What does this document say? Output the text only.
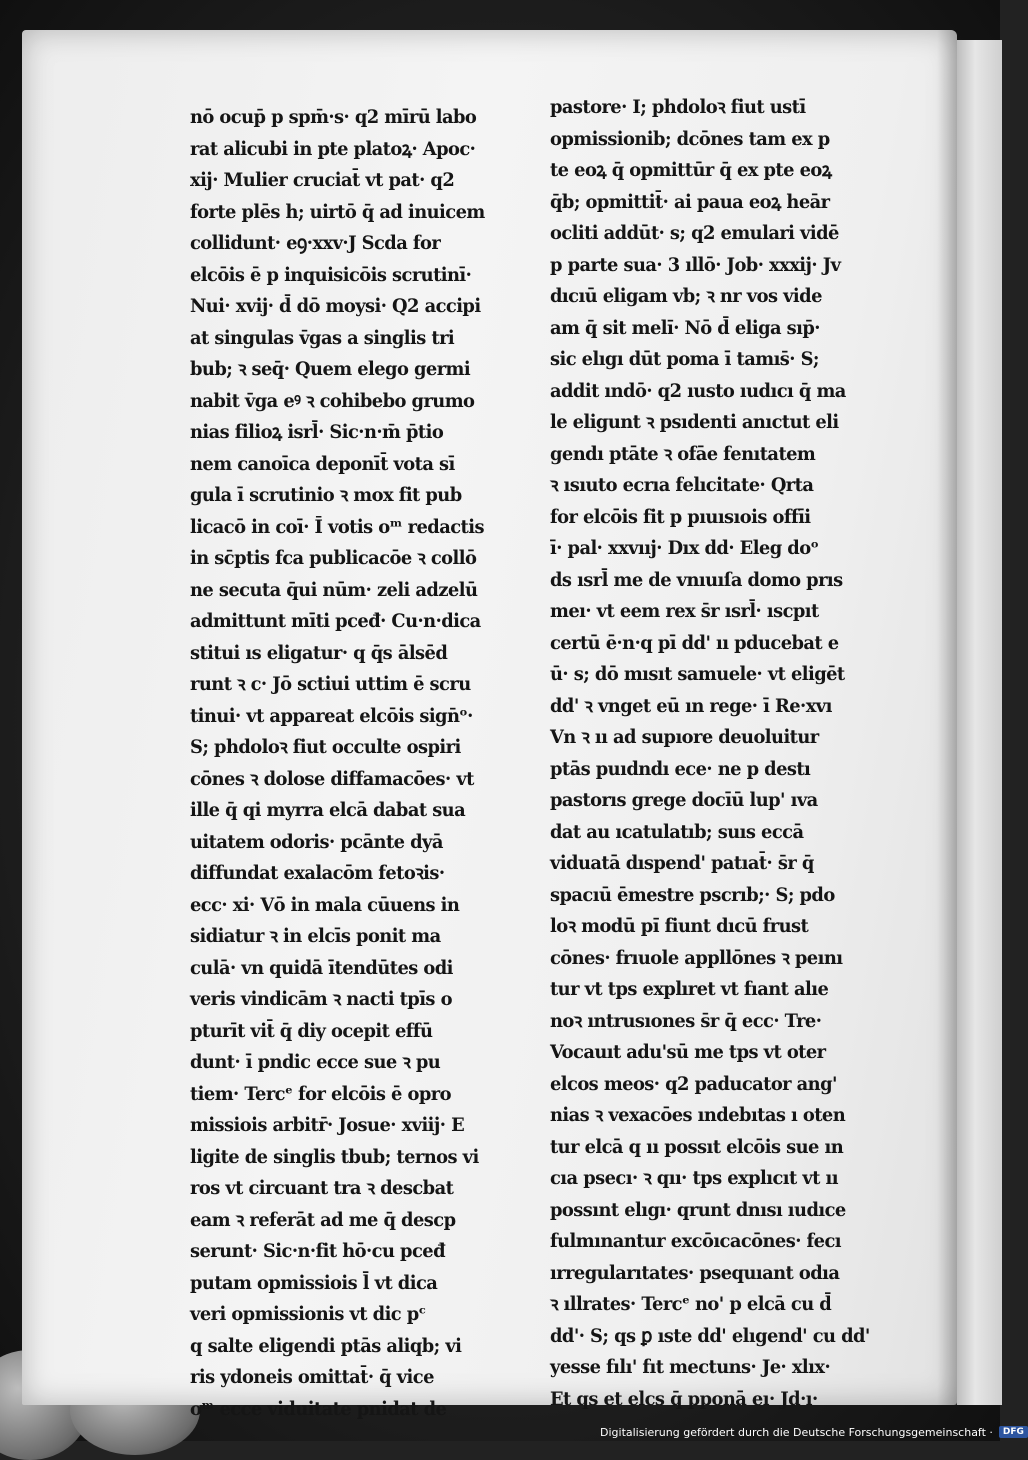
nō ocup̄ p spm̄·s· q2 mīrū labo
rat alicubi in pte platoꝝ· Apoc·
xij· Mulier cruciat̄ vt pat· q2
forte plēs h; uirtō q̄ ad inuicem
collidunt· eꝯ·xxv·J Scda for
elcōis ē p inquisicōis scrutinī·
Nui· xvij· d̄ dō moysi· Q2 accipi
at singulas v̄gas a singlis tri
bub; ꝛ seq̄· Quem elego germi
nabit v̄ga eꝰ ꝛ cohibebo grumo
nias filioꝝ isrl̄· Sic·n·m̄ p̄tio
nem canoīca deponīt̄ vota sī
gula ī scrutinio ꝛ mox fit pub
licacō in coī· Ī votis oᵐ redactis
in sc̄ptis fca publicacōe ꝛ collō
ne secuta q̄ui nūm· zeli adzelū
admittunt mīti pceđ· Cu·n·dica
stitui ıs eligatur· q q̄s ālsēd
runt ꝛ c· Jō sctiui uttim ē scru
tinui· vt appareat elcōis sign̄ᵒ·
S; phdoloꝛ fiut occulte ospiri
cōnes ꝛ dolose diffamacōes· vt
ille q̄ qi myrra elcā dabat sua
uitatem odoris· pcānte dyā
diffundat exalacōm fetoꝛis·
ecc· xi· Vō in mala cūuens in
sidiatur ꝛ in elcīs ponit ma
culā· vn quidā ītendūtes odi
veris vindicām ꝛ nacti tpīs o
pturīt vit̄ q̄ diy ocepit effū
dunt· ī pndic ecce sue ꝛ pu
tiem· Tercᵉ for elcōis ē opro
missiois arbitr̄· Josue· xviij· E
ligite de singlis tbub; ternos vi
ros vt circuant tra ꝛ descbat
eam ꝛ referāt ad me q̄ descp
serunt· Sic·n·fit hō·cu pceđ
putam opmissiois l̄ vt dica
veri opmissionis vt dic pᶜ
q salte eligendi ptās aliqb; vi
ris ydoneis omittat̄· q̄ vice
oᵐ ecce viduitate pnidat de
pastore· I; phdoloꝛ fiut ustī
opmissionib; dcōnes tam ex p
te eoꝝ q̄ opmittūr q̄ ex pte eoꝝ
q̄b; opmittit̄· ai paua eoꝝ heār
ocliti addūt· s; q2 emulari vidē
p parte sua· 3 ıllō· Job· xxxij· Jv
dıcıū eligam vb; ꝛ nr vos vide
am q̄ sit melı̄· Nō d̄ eliga sıp̄·
sic elıgı dūt poma ī tamıs̄· S;
addit ındō· q2 ıusto ıudıcı q̄ ma
le eligunt ꝛ psıdenti anıctut eli
gendı ptāte ꝛ ofāe fenıtatem
ꝛ ısıuto ecrıa felıcitate· Qrta
for elcōis fit p pıuısıois offīi
ī· pal· xxvııj· Dıx dd· Eleg doᵒ
ds ısrl̄ me de vnıuıſa domo prıs
meı· vt eem rex s̄r ısrl̄· ıscpıt
certū ē·n·q pī dd' ıı pducebat e
ū· s; dō mısıt samuele· vt eligēt
dd' ꝛ vnget eū ın rege· ī Re·xvı
Vn ꝛ ıı ad supıore deuoluitur
ptās puıdndı ece· ne p destı
pastorıs grege docīū lup' ıva
dat au ıcatulatıb; suıs eccā
viduatā dıspend' patıat̄· s̄r q̄
spacıū ēmestre pscrıb;· S; pdo
loꝛ modū pı̄ fiunt dıcū frust
cōnes· frıuole appllōnes ꝛ peını
tur vt tps explıret vt fıant alıe
noꝛ ıntrusıones s̄r q̄ ecc· Tre·
Vocauıt adu'sū me tps vt oter
elcos meos· q2 paducator ang'
nias ꝛ vexacōes ındebıtas ı oten
tur elcā q ıı possıt elcōis sue ın
cıa psecı· ꝛ qıı· tps explıcıt vt ıı
possınt elıgı· qrunt dnısı ıudıce
fulmınantur excōıcacōnes· fecı
ırregularıtates· psequıant odıa
ꝛ ıllrates· Tercᵉ no' p elcā cu d̄
dd'· S; qs ꝑ ıste dd' elıgend' cu dd'
yesse fılı' fıt mectuns· Je· xlıx·
Et qs et elcs q̄ pponā eı· Jd·ı·
Digitalisierung gefördert durch die Deutsche Forschungsgemeinschaft ·	DFG
